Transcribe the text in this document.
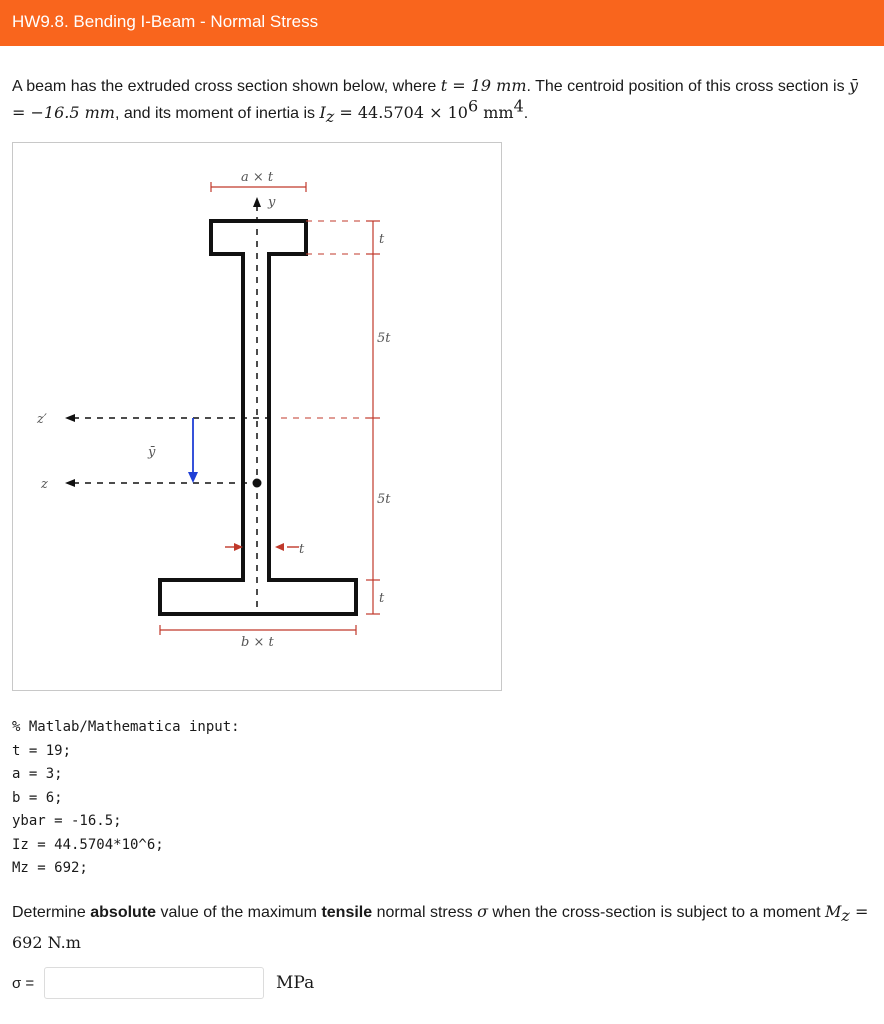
HW9.8. Bending I-Beam - Normal Stress
A beam has the extruded cross section shown below, where t = 19 mm. The centroid position of this cross section is ȳ = −16.5 mm, and its moment of inertia is $I_z = 44.5704 \times 10^6$ $mm^4$.
y
a × t
t
5t
5t
t
z′
z
ȳ
t
b × t
% Matlab/Mathematica input:
t = 19;
a = 3;
b = 6;
ybar = -16.5;
Iz = 44.5704*10^6;
Mz = 692;
Determine absolute value of the maximum tensile normal stress σ when the cross-section is subject to a moment $M_z = 692$ N.m
σ =	MPa
